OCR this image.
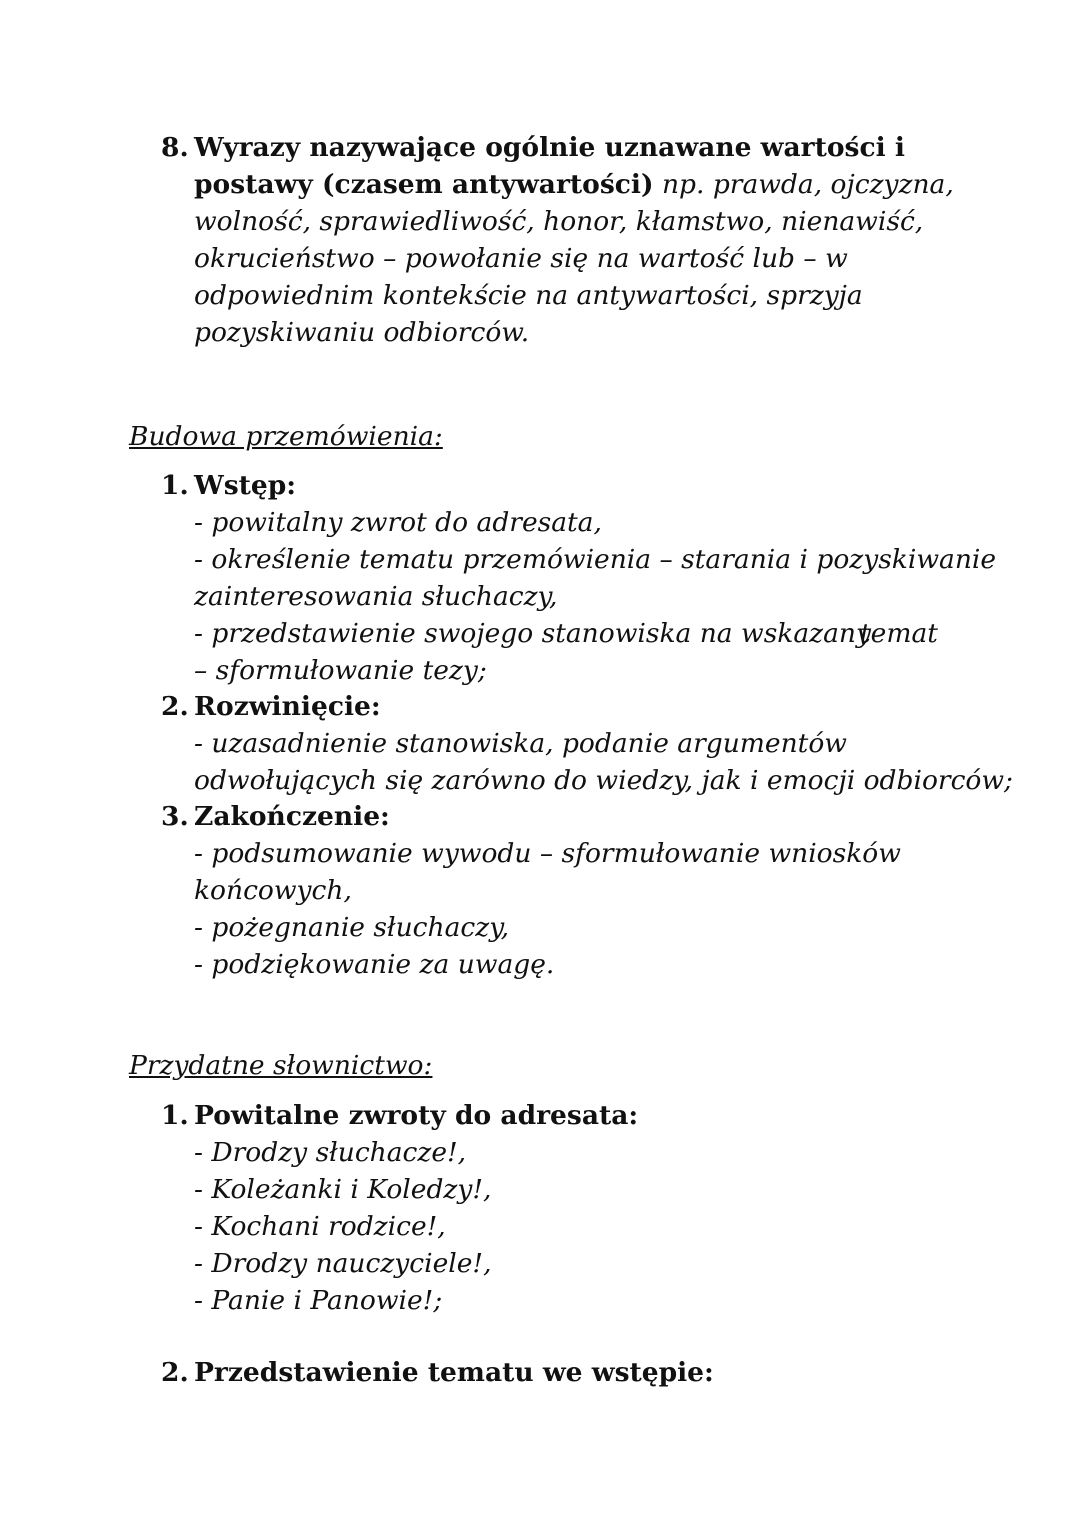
8. Wyrazy nazywające ogólnie uznawane wartości i
postawy (czasem antywartości) np. prawda, ojczyzna,
wolność, sprawiedliwość, honor, kłamstwo, nienawiść,
okrucieństwo – powołanie się na wartość lub – w
odpowiednim kontekście na antywartości, sprzyja
pozyskiwaniu odbiorców.
Budowa przemówienia:
1. Wstęp:
- powitalny zwrot do adresata,
- określenie tematu przemówienia – starania i pozyskiwanie
zainteresowania słuchaczy,
- przedstawienie swojego stanowiska na wskazany
temat
– sformułowanie tezy;
2. Rozwinięcie:
- uzasadnienie stanowiska, podanie argumentów
odwołujących się zarówno do wiedzy, jak i emocji odbiorców;
3. Zakończenie:
- podsumowanie wywodu – sformułowanie wniosków
końcowych,
- pożegnanie słuchaczy,
- podziękowanie za uwagę.
Przydatne słownictwo:
1. Powitalne zwroty do adresata:
- Drodzy słuchacze!,
- Koleżanki i Koledzy!,
- Kochani rodzice!,
- Drodzy nauczyciele!,
- Panie i Panowie!;
2. Przedstawienie tematu we wstępie:
